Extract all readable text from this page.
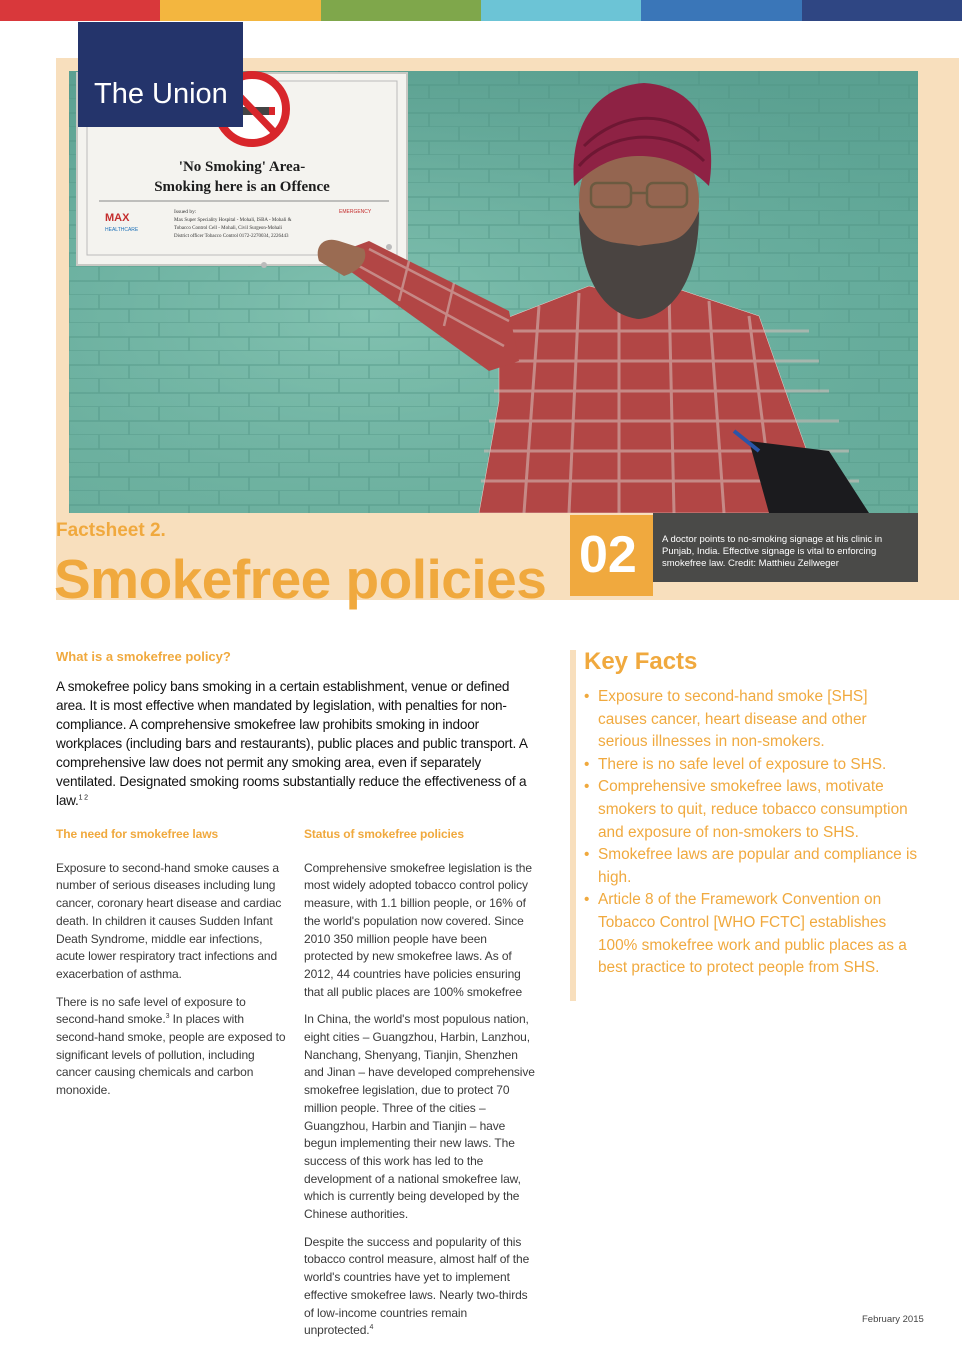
'No Smoking' Area-
Smoking here is an Offence
MAX
HEALTHCARE
Issued by:
Max Super Speciality Hospital - Mohali, ISBA - Mohali &
Tobacco Control Cell - Mohali, Civil Surgeon-Mohali
District officer Tobacco Control 0172-2270034, 2226443
EMERGENCY
A doctor points to no-smoking signage at his clinic in Punjab, India. Effective signage is vital to enforcing smokefree law. Credit: Matthieu Zellweger
The Union
02
Factsheet 2.
Smokefree policies
What is a smokefree policy?

A smokefree policy bans smoking in a certain establishment, venue or defined area. It is most effective when mandated by legislation, with penalties for non-compliance. A comprehensive smokefree law prohibits smoking in indoor workplaces (including bars and restaurants), public places and public transport. A comprehensive law does not permit any smoking area, even if separately ventilated. Designated smoking rooms substantially reduce the effectiveness of a law.$^{1 2}$

The need for smokefree laws

Exposure to second-hand smoke causes a number of serious diseases including lung cancer, coronary heart disease and cardiac death. In children it causes Sudden Infant Death Syndrome, middle ear infections, acute lower respiratory tract infections and exacerbation of asthma.

There is no safe level of exposure to second-hand smoke.$^3$ In places with second-hand smoke, people are exposed to significant levels of pollution, including cancer causing chemicals and carbon monoxide.

Status of smokefree policies

Comprehensive smokefree legislation is the most widely adopted tobacco control policy measure, with 1.1 billion people, or 16% of the world's population now covered. Since 2010 350 million people have been protected by new smokefree laws. As of 2012, 44 countries have policies ensuring that all public places are 100% smokefree

In China, the world's most populous nation, eight cities – Guangzhou, Harbin, Lanzhou, Nanchang, Shenyang, Tianjin, Shenzhen and Jinan – have developed comprehensive smokefree legislation, due to protect 70 million people. Three of the cities – Guangzhou, Harbin and Tianjin – have begun implementing their new laws. The success of this work has led to the development of a national smokefree law, which is currently being developed by the Chinese authorities.

Despite the success and popularity of this tobacco control measure, almost half of the world's countries have yet to implement effective smokefree laws. Nearly two-thirds of low-income countries remain unprotected.$^4$

Key Facts
• Exposure to second-hand smoke [SHS] causes cancer, heart disease and other serious illnesses in non-smokers.
• There is no safe level of exposure to SHS.
• Comprehensive smokefree laws, motivate smokers to quit, reduce tobacco consumption and exposure of non-smokers to SHS.
• Smokefree laws are popular and compliance is high.
• Article 8 of the Framework Convention on Tobacco Control [WHO FCTC] establishes 100% smokefree work and public places as a best practice to protect people from SHS.
February 2015
